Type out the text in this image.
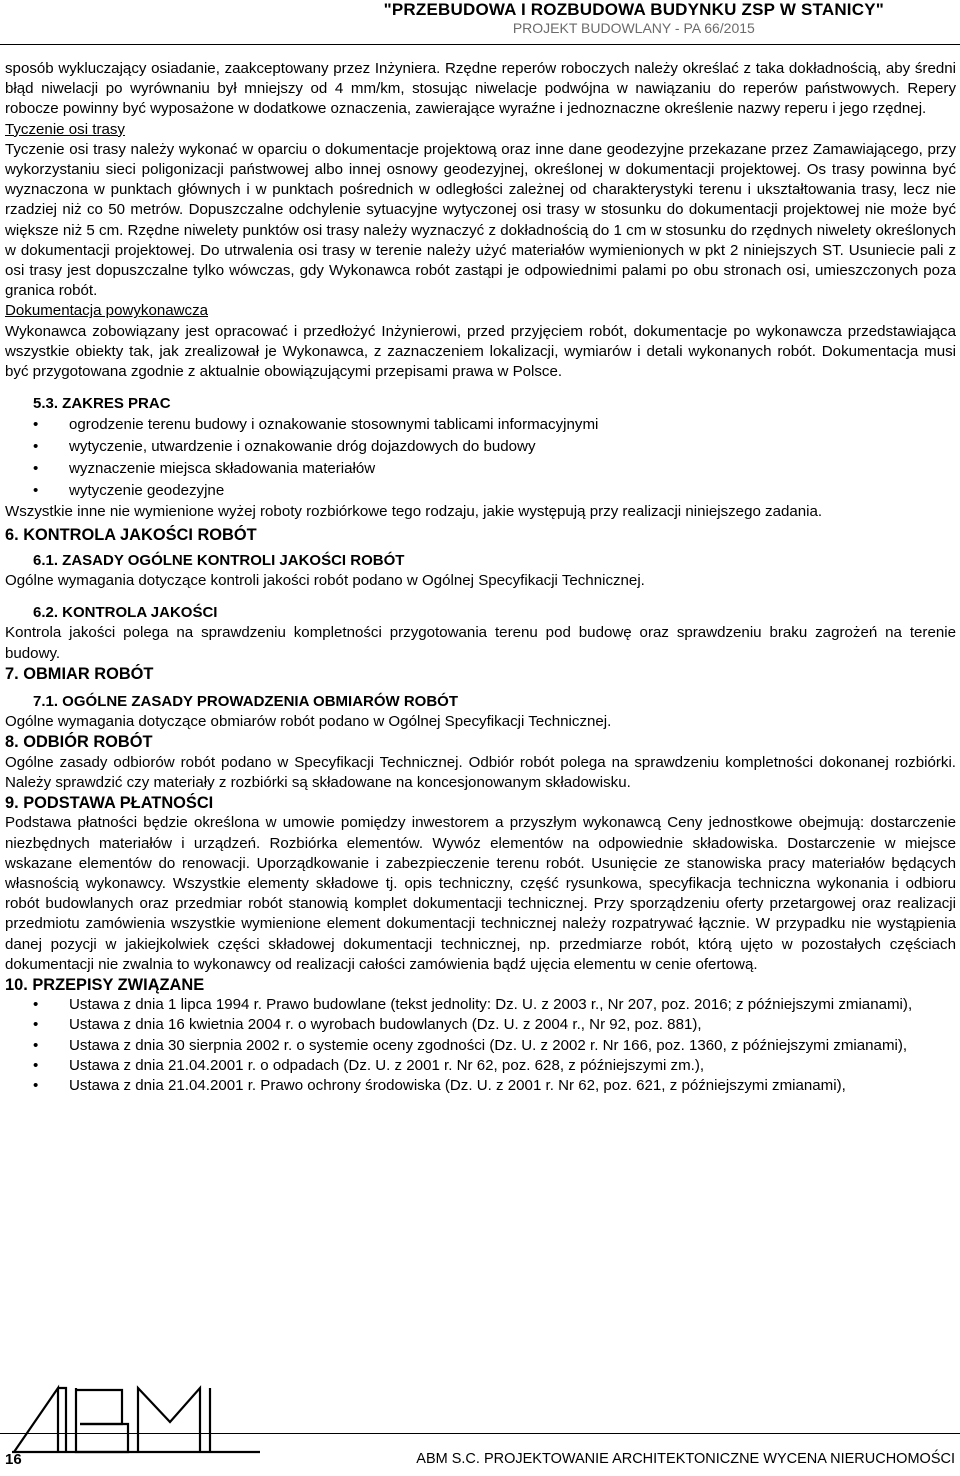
"PRZEBUDOWA I ROZBUDOWA BUDYNKU ZSP W STANICY"
PROJEKT BUDOWLANY - PA 66/2015

sposób wykluczający osiadanie, zaakceptowany przez Inżyniera. Rzędne reperów roboczych należy określać z taka dokładnością, aby średni błąd niwelacji po wyrównaniu był mniejszy od 4 mm/km, stosując niwelacje podwójna w nawiązaniu do reperów państwowych. Repery robocze powinny być wyposażone w dodatkowe oznaczenia, zawierające wyraźne i jednoznaczne określenie nazwy reperu i jego rzędnej.

Tyczenie osi trasy

Tyczenie osi trasy należy wykonać w oparciu o dokumentacje projektową oraz inne dane geodezyjne przekazane przez Zamawiającego, przy wykorzystaniu sieci poligonizacji państwowej albo innej osnowy geodezyjnej, określonej w dokumentacji projektowej. Os trasy powinna być wyznaczona w punktach głównych i w punktach pośrednich w odległości zależnej od charakterystyki terenu i ukształtowania trasy, lecz nie rzadziej niż co 50 metrów. Dopuszczalne odchylenie sytuacyjne wytyczonej osi trasy w stosunku do dokumentacji projektowej nie może być większe niż 5 cm. Rzędne niwelety punktów osi trasy należy wyznaczyć z dokładnością do 1 cm w stosunku do rzędnych niwelety określonych w dokumentacji projektowej. Do utrwalenia osi trasy w terenie należy użyć materiałów wymienionych w pkt 2 niniejszych ST. Usuniecie pali z osi trasy jest dopuszczalne tylko wówczas, gdy Wykonawca robót zastąpi je odpowiednimi palami po obu stronach osi, umieszczonych poza granica robót.

Dokumentacja powykonawcza

Wykonawca zobowiązany jest opracować i przedłożyć Inżynierowi, przed przyjęciem robót, dokumentacje po wykonawcza przedstawiająca wszystkie obiekty tak, jak zrealizował je Wykonawca, z zaznaczeniem lokalizacji, wymiarów i detali wykonanych robót. Dokumentacja musi być przygotowana zgodnie z aktualnie obowiązującymi przepisami prawa w Polsce.

5.3. ZAKRES PRAC
• ogrodzenie terenu budowy i oznakowanie stosownymi tablicami informacyjnymi
• wytyczenie, utwardzenie i oznakowanie dróg dojazdowych do budowy
• wyznaczenie miejsca składowania materiałów
• wytyczenie geodezyjne

Wszystkie inne nie wymienione wyżej roboty rozbiórkowe tego rodzaju, jakie występują przy realizacji niniejszego zadania.

6. KONTROLA JAKOŚCI ROBÓT
6.1. ZASADY OGÓLNE KONTROLI JAKOŚCI ROBÓT

Ogólne wymagania dotyczące kontroli jakości robót podano w Ogólnej Specyfikacji Technicznej.

6.2. KONTROLA JAKOŚCI

Kontrola jakości polega na sprawdzeniu kompletności przygotowania terenu pod budowę oraz sprawdzeniu braku zagrożeń na terenie budowy.

7. OBMIAR ROBÓT
7.1. OGÓLNE ZASADY PROWADZENIA OBMIARÓW ROBÓT

Ogólne wymagania dotyczące obmiarów robót podano w Ogólnej Specyfikacji Technicznej.

8. ODBIÓR ROBÓT

Ogólne zasady odbiorów robót podano w Specyfikacji Technicznej. Odbiór robót polega na sprawdzeniu kompletności dokonanej rozbiórki. Należy sprawdzić czy materiały z rozbiórki są składowane na koncesjonowanym składowisku.

9. PODSTAWA PŁATNOŚCI

Podstawa płatności będzie określona w umowie pomiędzy inwestorem a przyszłym wykonawcą Ceny jednostkowe obejmują: dostarczenie niezbędnych materiałów i urządzeń. Rozbiórka elementów. Wywóz elementów na odpowiednie składowiska. Dostarczenie w miejsce wskazane elementów do renowacji. Uporządkowanie i zabezpieczenie terenu robót. Usunięcie ze stanowiska pracy materiałów będących własnością wykonawcy. Wszystkie elementy składowe tj. opis techniczny, część rysunkowa, specyfikacja techniczna wykonania i odbioru robót budowlanych oraz przedmiar robót stanowią komplet dokumentacji technicznej. Przy sporządzeniu oferty przetargowej oraz realizacji przedmiotu zamówienia wszystkie wymienione element dokumentacji technicznej należy rozpatrywać łącznie. W przypadku nie wystąpienia danej pozycji w jakiejkolwiek części składowej dokumentacji technicznej, np. przedmiarze robót, którą ujęto w pozostałych częściach dokumentacji nie zwalnia to wykonawcy od realizacji całości zamówienia bądź ujęcia elementu w cenie ofertową.

10. PRZEPISY ZWIĄZANE
• Ustawa z dnia 1 lipca 1994 r. Prawo budowlane (tekst jednolity: Dz. U. z 2003 r., Nr 207, poz. 2016; z późniejszymi zmianami),
• Ustawa z dnia 16 kwietnia 2004 r. o wyrobach budowlanych (Dz. U. z 2004 r., Nr 92, poz. 881),
• Ustawa z dnia 30 sierpnia 2002 r. o systemie oceny zgodności (Dz. U. z 2002 r. Nr 166, poz. 1360, z późniejszymi zmianami),
• Ustawa z dnia 21.04.2001 r. o odpadach (Dz. U. z 2001 r. Nr 62, poz. 628, z późniejszymi zm.),
• Ustawa z dnia 21.04.2001 r. Prawo ochrony środowiska (Dz. U. z 2001 r. Nr 62, poz. 621, z późniejszymi zmianami),
16	ABM S.C. PROJEKTOWANIE ARCHITEKTONICZNE WYCENA NIERUCHOMOŚCI
